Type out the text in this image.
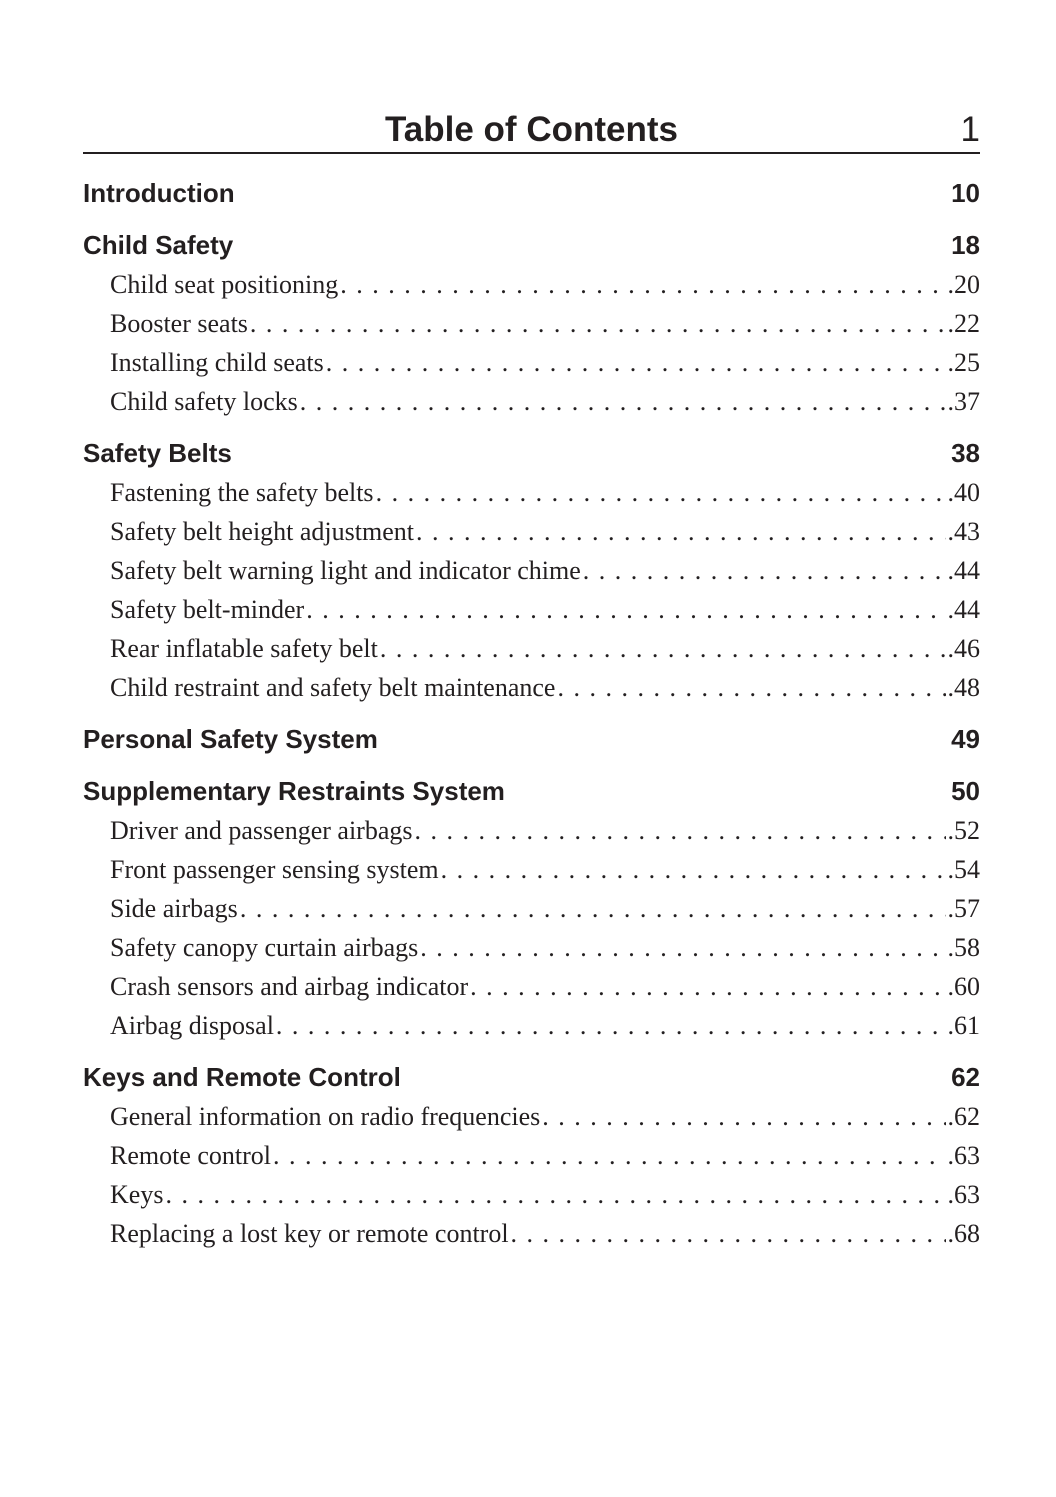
Table of Contents	1
Introduction	10
Child Safety	18
Child seat positioning . . .	.20
Booster seats . . .	.22
Installing child seats . . .	.25
Child safety locks . . .	.37
Safety Belts	38
Fastening the safety belts . . .	.40
Safety belt height adjustment . . .	.43
Safety belt warning light and indicator chime . . .	.44
Safety belt-minder . . .	.44
Rear inflatable safety belt . . .	.46
Child restraint and safety belt maintenance . . .	.48
Personal Safety System	49
Supplementary Restraints System	50
Driver and passenger airbags . . .	.52
Front passenger sensing system . . .	.54
Side airbags . . .	.57
Safety canopy curtain airbags . . .	.58
Crash sensors and airbag indicator . . .	.60
Airbag disposal . . .	.61
Keys and Remote Control	62
General information on radio frequencies . . .	.62
Remote control . . .	.63
Keys . . .	.63
Replacing a lost key or remote control . . .	.68
